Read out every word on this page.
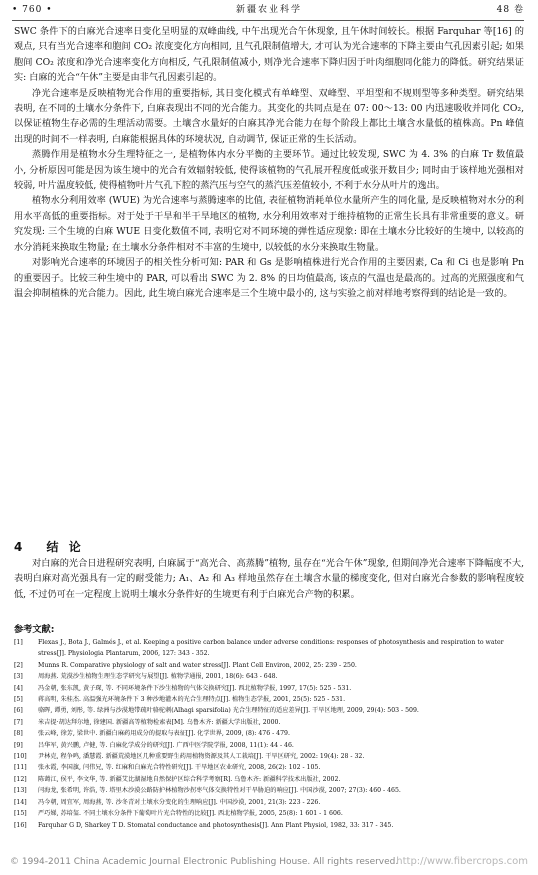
• 760 •	新疆农业科学	48 卷

SWC 条件下的白麻光合速率日变化呈明显的双峰曲线, 中午出现光合午休现象, 且午休时间较长。根据 Farquhar 等[16] 的观点, 只有当光合速率和胞间 CO₂ 浓度变化方向相同, 且气孔限制值增大, 才可认为光合速率的下降主要由气孔因素引起; 如果胞间 CO₂ 浓度和净光合速率变化方向相反, 气孔限制值减小, 则净光合速率下降归因于叶肉细胞同化能力的降低。研究结果证实: 白麻的光合“午休”主要是由非气孔因素引起的。

净光合速率是反映植物光合作用的重要指标, 其日变化模式有单峰型、双峰型、平坦型和不规则型等多种类型。研究结果表明, 在不同的土壤水分条件下, 白麻表现出不同的光合能力。其变化的共同点是在 07: 00～13: 00 内迅速吸收并同化 CO₂, 以保证植物生存必需的生理活动需要。土壤含水量好的白麻其净光合能力在每个阶段上都比土壤含水量低的植株高。Pn 峰值出现的时间不一样表明, 白麻能根据具体的环境状况, 自动调节, 保证正常的生长活动。

蒸腾作用是植物水分生理特征之一, 是植物体内水分平衡的主要环节。通过比较发现, SWC 为 4. 3% 的白麻 Tr 数值最小, 分析原因可能是因为该生境中的光合有效辐射较低, 使得该植物的气孔展开程度低或张开数目少; 同时由于该样地光强相对较弱, 叶片温度较低, 使得植物叶片气孔下腔的蒸汽压与空气的蒸汽压差值较小, 不利于水分从叶片的逸出。

植物水分利用效率 (WUE) 为光合速率与蒸腾速率的比值, 表征植物消耗单位水量所产生的同化量, 是反映植物对水分的利用水平高低的重要指标。对于处于干旱和半干旱地区的植物, 水分利用效率对于维持植物的正常生长具有非常重要的意义。研究发现: 三个生境的白麻 WUE 日变化数值不同, 表明它对不同环境的弹性适应现象: 即在土壤水分比较好的生境中, 以较高的水分消耗来换取生物量; 在土壤水分条件相对不丰富的生境中, 以较低的水分来换取生物量。

对影响光合速率的环境因子的相关性分析可知: PAR 和 Gs 是影响植株进行光合作用的主要因素, Ca 和 Ci 也是影响 Pn 的重要因子。比较三种生境中的 PAR, 可以看出 SWC 为 2. 8% 的日均值最高, 该点的气温也是最高的。过高的光照强度和气温会抑制植株的光合能力。因此, 此生境白麻光合速率是三个生境中最小的, 这与实验之前对样地考察得到的结论是一致的。

4 结 论

对白麻的光合日进程研究表明, 白麻属于“高光合、高蒸腾”植物, 虽存在“光合午休”现象, 但期间净光合速率下降幅度不大, 表明白麻对高光强具有一定的耐受能力; A₁、A₂ 和 A₃ 样地虽然存在土壤含水量的梯度变化, 但对白麻光合参数的影响程度较低, 不过仍可在一定程度上说明土壤水分条件好的生境更有利于白麻光合产物的积累。

参考文献:
[1] Flexas J., Bota J., Galmés J., et al. Keeping a positive carbon balance under adverse conditions: responses of photosynthesis and respiration to water stress[J]. Physiologia Plantarum, 2006, 127: 343 - 352.
[2] Munns R. Comparative physiology of salt and water stress[J]. Plant Cell Environ, 2002, 25: 239 - 250.
[3] 周海燕. 荒漠沙生植物生理生态学研究与展望[J]. 植物学通报, 2001, 18(6): 643 - 648.
[4] 冯金朝, 张东凯, 黄子琛, 等. 不同环境条件下沙生植物的气体交换研究[J]. 西北植物学报, 1997, 17(5): 525 - 531.
[5] 蒋高明, 朱桂杰. 高温强光环境条件下 3 种沙地灌木的光合生理特点[J]. 植物生态学报, 2001, 25(5): 525 - 531.
[6] 骆晖, 谭勇, 刘彤, 等. 绿洲与沙漠地带疏叶骆驼刺(Alhagi sparsifolia) 光合生理特征的适应差异[J]. 干旱区地理, 2009, 29(4): 503 - 509.
[7] 米吉提·胡达拜尔地, 徐建国. 新疆高等植物检索表[M]. 乌鲁木齐: 新疆大学出版社, 2000.
[8] 张云峰, 徐芳, 梁世中. 新疆白麻药用成分的提取与表征[J]. 化学世界, 2009, (8): 476 - 479.
[9] 吕华军, 黄兴鹏, 卢健, 等. 白麻化学成分的研究[J]. 广西中医学院学报, 2008, 11(1): 44 - 46.
[10] 尹林克, 程争鸣, 潘慧霞. 新疆荒漠地区几种重要野生药用植物资源及其人工栽培[J]. 干旱区研究, 2002: 19(4): 28 - 32.
[11] 张永霞, 李国旗, 闫伟兄, 等. 红麻和白麻光合特性研究[J]. 干旱地区农业研究, 2008, 26(2): 102 - 105.
[12] 陈蔼江, 侯平, 李文华, 等. 新疆艾比湖湿地自然保护区综合科学考察[R]. 乌鲁木齐: 新疆科学技术出版社, 2002.
[13] 闫海龙, 张希明, 许浩, 等. 塔里木沙漠公路防护林植物沙拐枣气体交换特性对干旱胁迫的响应[J]. 中国沙漠, 2007; 27(3): 460 - 465.
[14] 冯今朝, 周宜军, 周海燕, 等. 沙冬青对土壤水分变化的生理响应[J]. 中国沙漠, 2001, 21(3): 223 - 226.
[15] 严巧娣, 苏培玺. 不同土壤水分条件下葡萄叶片光合特性的比较[J]. 西北植物学报, 2005, 25(8): 1 601 - 1 606.
[16] Farquhar G D, Sharkey T D. Stomatal conductance and photosynthesis[J]. Ann Plant Physiol, 1982, 33: 317 - 345.
© 1994-2011 China Academic Journal Electronic Publishing House. All rights reserved.
http://www.fibercrops.com
